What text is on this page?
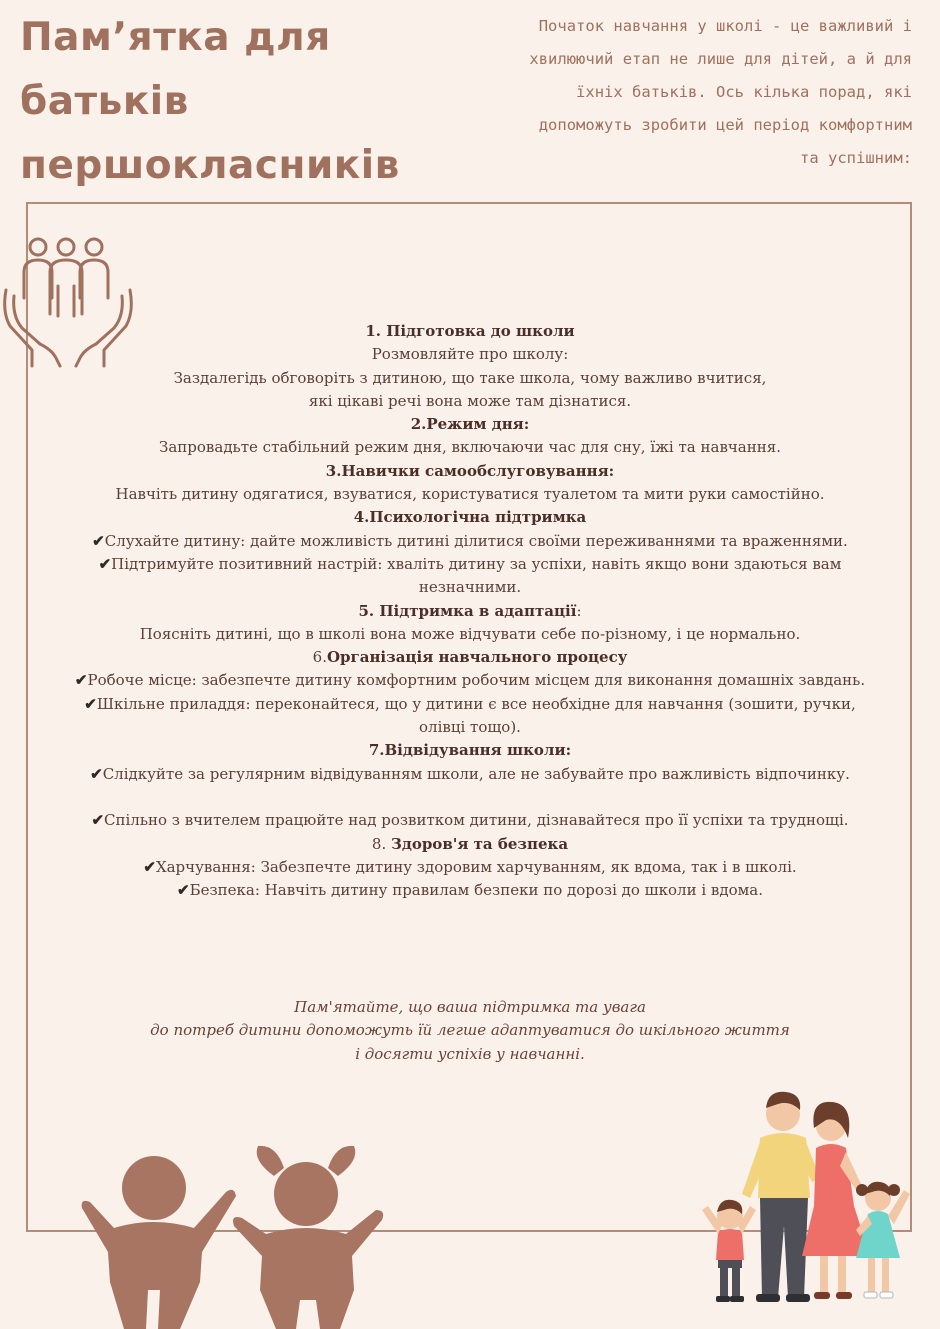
Пам’ятка для
батьків
першокласників
Початок навчання у школі - це важливий і
хвилюючий етап не лише для дітей, а й для
їхніх батьків. Ось кілька порад, які
допоможуть зробити цей період комфортним
та успішним:
1. Підготовка до школи
Розмовляйте про школу:
Заздалегідь обговоріть з дитиною, що таке школа, чому важливо вчитися,
які цікаві речі вона може там дізнатися.
2.Режим дня:
Запровадьте стабільний режим дня, включаючи час для сну, їжі та навчання.
3.Навички самообслуговування:
Навчіть дитину одягатися, взуватися, користуватися туалетом та мити руки самостійно.
4.Психологічна підтримка
✔Слухайте дитину: дайте можливість дитині ділитися своїми переживаннями та враженнями.
✔Підтримуйте позитивний настрій: хваліть дитину за успіхи, навіть якщо вони здаються вам
незначними.
5. Підтримка в адаптації:
Поясніть дитині, що в школі вона може відчувати себе по-різному, і це нормально.
6.Організація навчального процесу
✔Робоче місце: забезпечте дитину комфортним робочим місцем для виконання домашніх завдань.
✔Шкільне приладдя: переконайтеся, що у дитини є все необхідне для навчання (зошити, ручки,
олівці тощо).
7.Відвідування школи:
✔Слідкуйте за регулярним відвідуванням школи, але не забувайте про важливість відпочинку.
✔Спільно з вчителем працюйте над розвитком дитини, дізнавайтеся про її успіхи та труднощі.
8. Здоров'я та безпека
✔Харчування: Забезпечте дитину здоровим харчуванням, як вдома, так і в школі.
✔Безпека: Навчіть дитину правилам безпеки по дорозі до школи і вдома.
Пам'ятайте, що ваша підтримка та увага
до потреб дитини допоможуть їй легше адаптуватися до шкільного життя
і досягти успіхів у навчанні.
